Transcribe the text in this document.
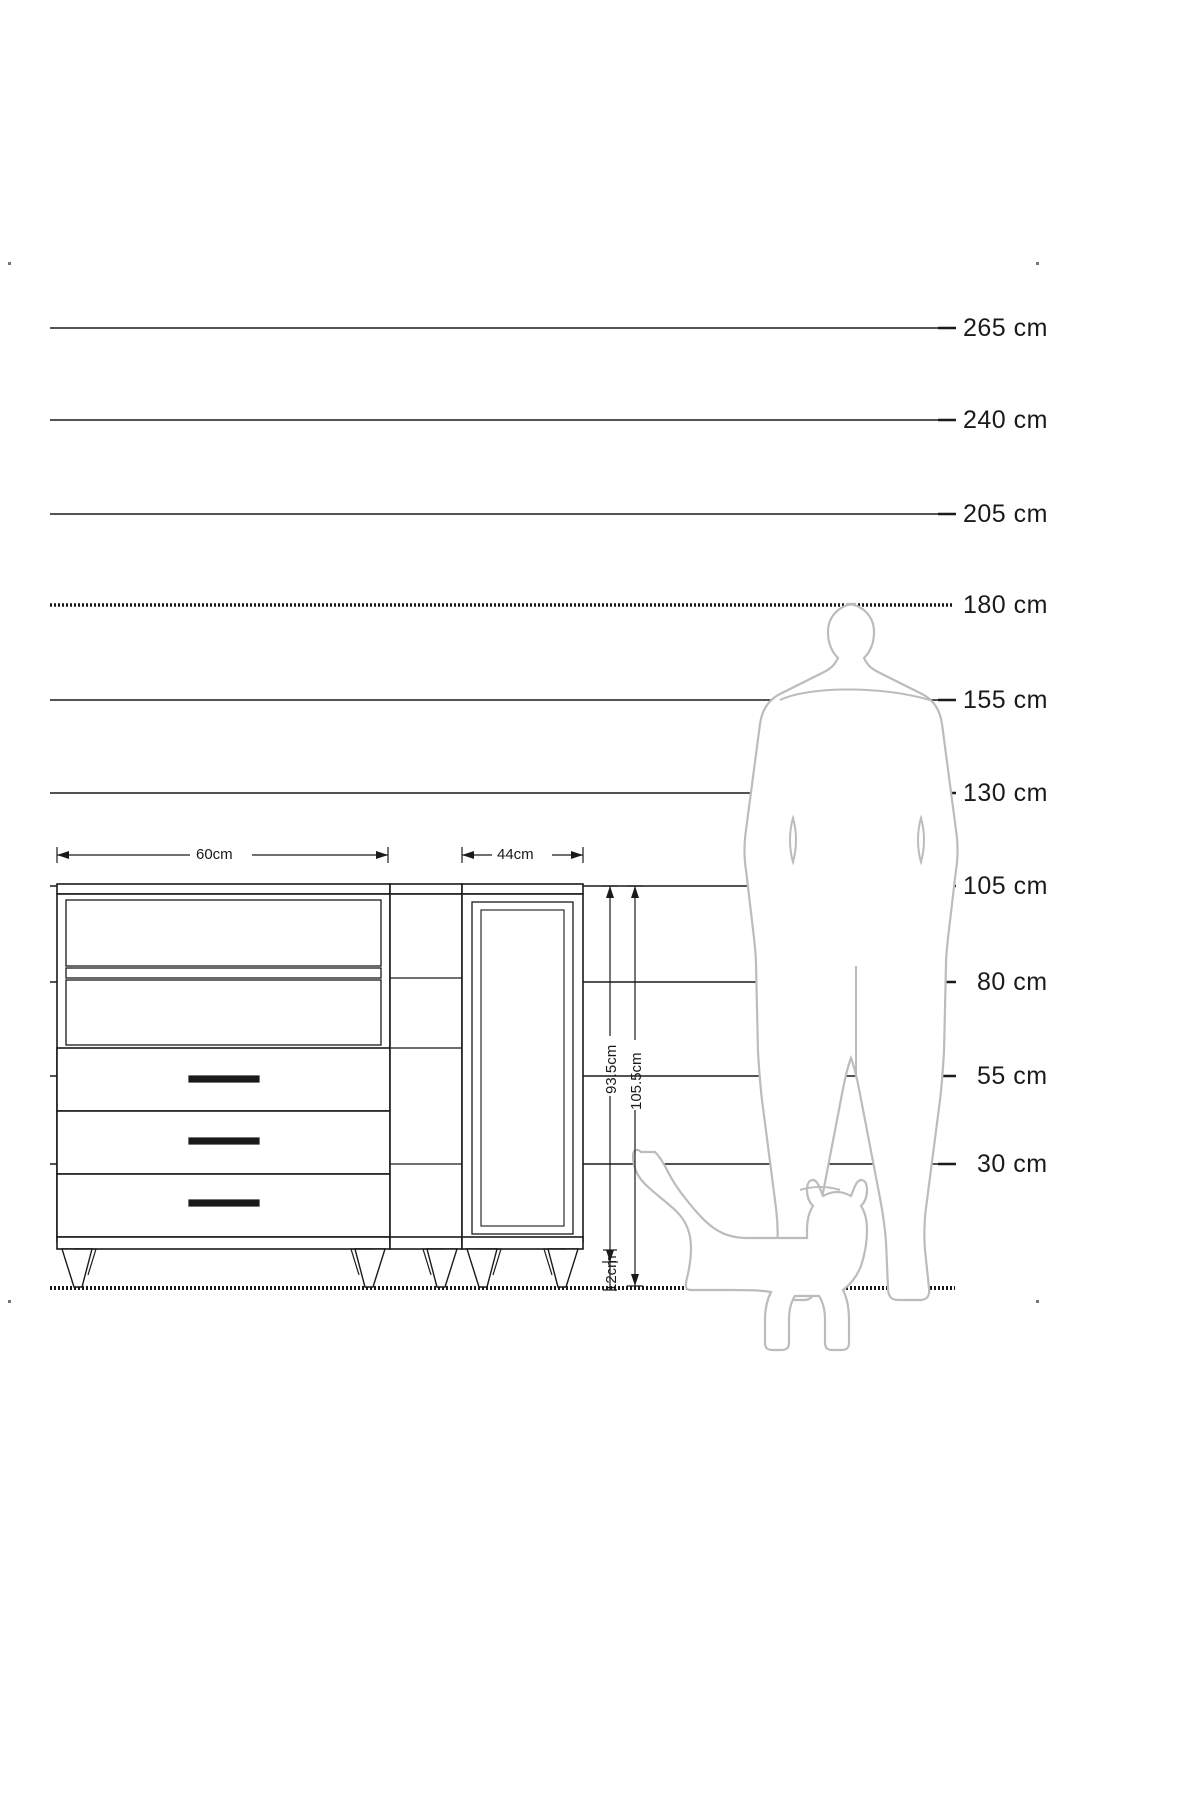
265 cm
240 cm
205 cm
180 cm
155 cm
130 cm
105 cm
80 cm
55 cm
30 cm
60cm	44cm
93.5cm 105.5cm
12cm
